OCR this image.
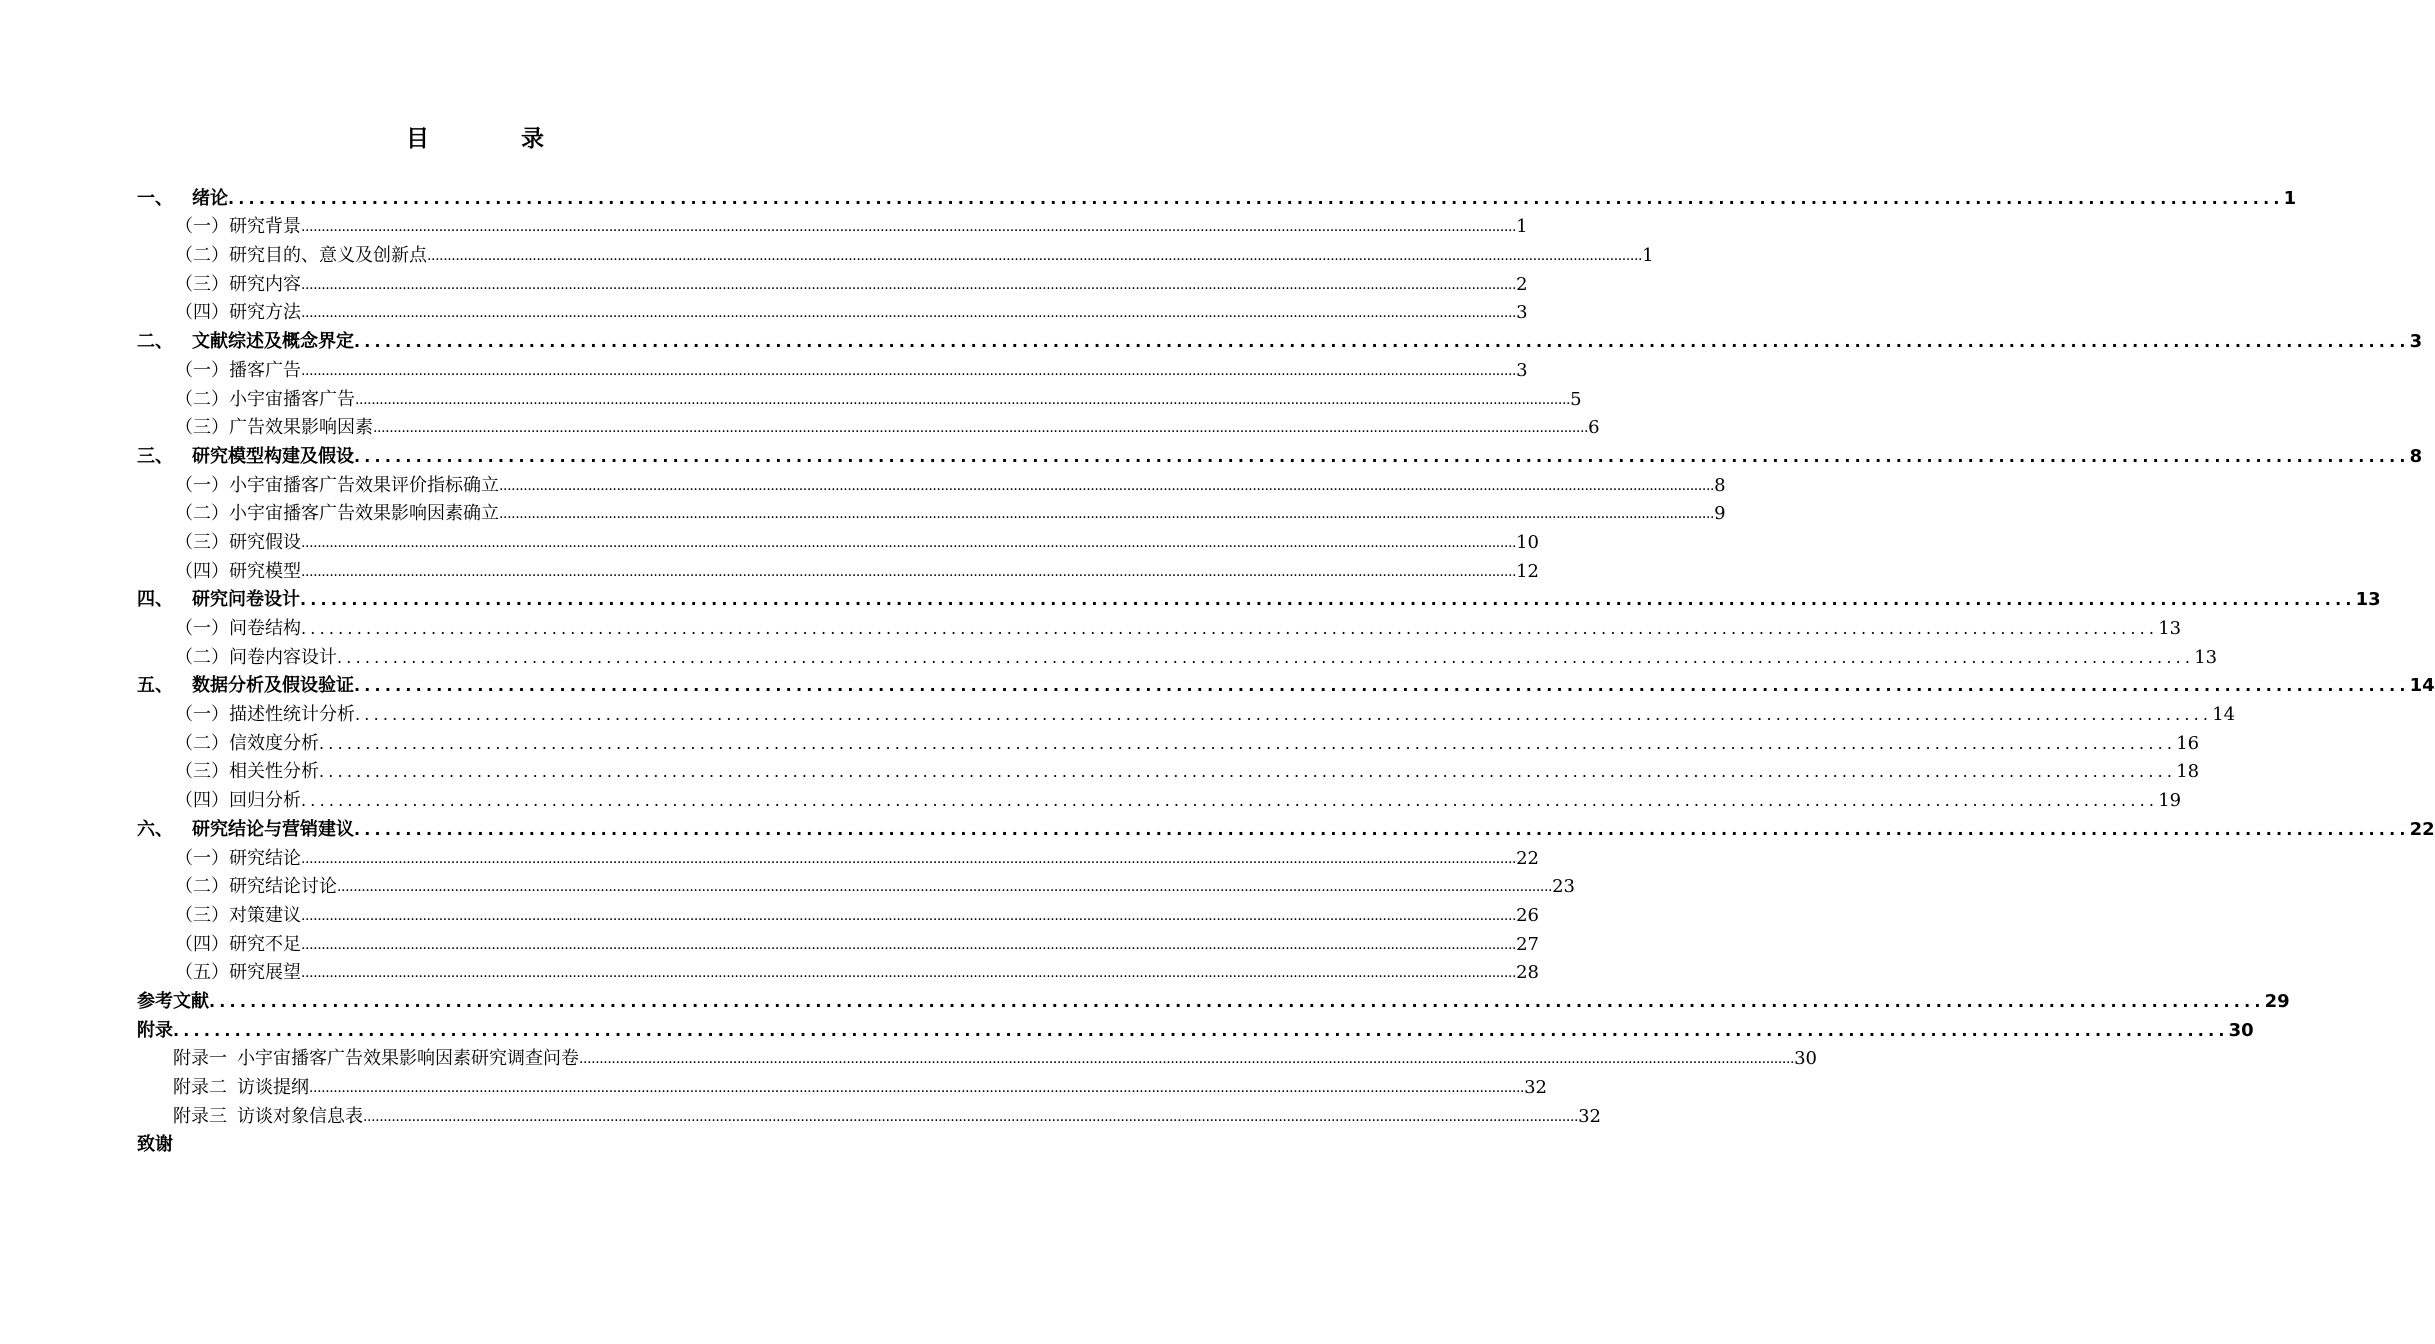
目	录
一、 绪论 ........................................................................................................................................................................................................ 1
（一）研究背景 ............................................................................................................................................................................................................................................................................................................ 1
（二）研究目的、意义及创新点 ............................................................................................................................................................................................................................................................................................................ 1
（三）研究内容 ............................................................................................................................................................................................................................................................................................................ 2
（四）研究方法 ............................................................................................................................................................................................................................................................................................................ 3
二、 文献综述及概念界定 ........................................................................................................................................................................................................ 3
（一）播客广告 ............................................................................................................................................................................................................................................................................................................ 3
（二）小宇宙播客广告 ............................................................................................................................................................................................................................................................................................................ 5
（三）广告效果影响因素 ............................................................................................................................................................................................................................................................................................................ 6
三、 研究模型构建及假设 ........................................................................................................................................................................................................ 8
（一）小宇宙播客广告效果评价指标确立 ............................................................................................................................................................................................................................................................................................................ 8
（二）小宇宙播客广告效果影响因素确立 ............................................................................................................................................................................................................................................................................................................ 9
（三）研究假设 ............................................................................................................................................................................................................................................................................................................ 10
（四）研究模型 ............................................................................................................................................................................................................................................................................................................ 12
四、 研究问卷设计 ........................................................................................................................................................................................................ 13
（一）问卷结构 ........................................................................................................................................................................................................ 13
（二）问卷内容设计 ........................................................................................................................................................................................................ 13
五、 数据分析及假设验证 ........................................................................................................................................................................................................ 14
（一）描述性统计分析 ........................................................................................................................................................................................................ 14
（二）信效度分析 ........................................................................................................................................................................................................ 16
（三）相关性分析 ........................................................................................................................................................................................................ 18
（四）回归分析 ........................................................................................................................................................................................................ 19
六、 研究结论与营销建议 ........................................................................................................................................................................................................ 22
（一）研究结论 ............................................................................................................................................................................................................................................................................................................ 22
（二）研究结论讨论 ............................................................................................................................................................................................................................................................................................................ 23
（三）对策建议 ............................................................................................................................................................................................................................................................................................................ 26
（四）研究不足 ............................................................................................................................................................................................................................................................................................................ 27
（五）研究展望 ............................................................................................................................................................................................................................................................................................................ 28
参考文献 ........................................................................................................................................................................................................ 29
附录 ........................................................................................................................................................................................................ 30
附录一 小宇宙播客广告效果影响因素研究调查问卷 ............................................................................................................................................................................................................................................................................................................ 30
附录二 访谈提纲 ............................................................................................................................................................................................................................................................................................................ 32
附录三 访谈对象信息表 ............................................................................................................................................................................................................................................................................................................ 32
致谢
